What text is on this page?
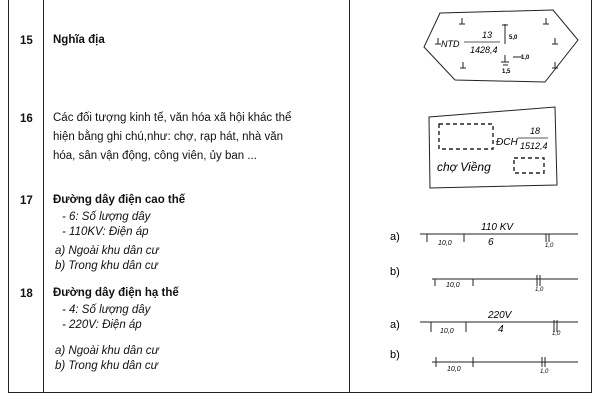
15 Nghĩa địa
16 Các đối tượng kinh tế, văn hóa xã hội khác thể
hiện bằng ghi chú,như: chợ, rạp hát, nhà văn
hóa, sân vận động, công viên, ủy ban ...
17 Đường dây điện cao thế
- 6: Số lượng dây
- 110KV: Điện áp
a) Ngoài khu dân cư
b) Trong khu dân cư
18 Đường dây điện hạ thế
- 4: Số lượng dây
- 220V: Điện áp
a) Ngoài khu dân cư
b) Trong khu dân cư
NTD
13
1428,4
5,0
1,0
1,5
ĐCH
18
1512,4
chợ Viềng
a)
110 KV
10,0	6	1,0
b)
10,0
1,0
a)
220V
10,0	4	1,0
b)
10,0	1,0
